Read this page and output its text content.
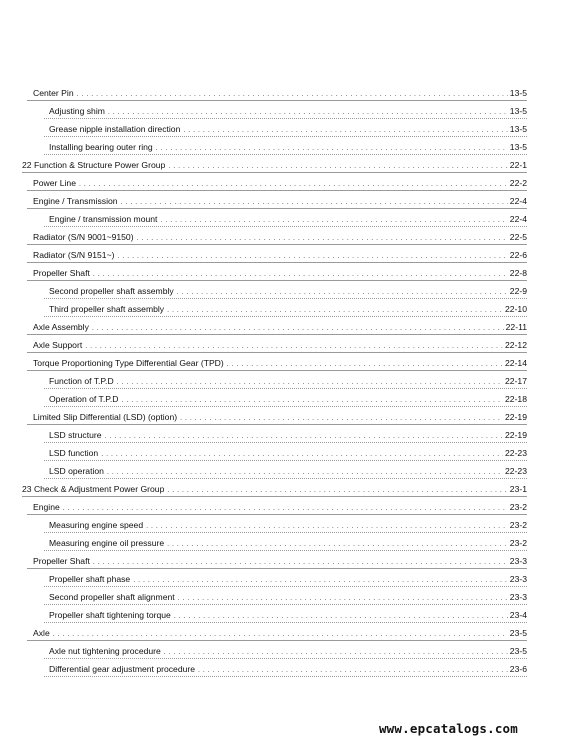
Center Pin . . .	13-5
Adjusting shim . . .	13-5
Grease nipple installation direction . . .	13-5
Installing bearing outer ring . . .	13-5
22 Function & Structure Power Group . . .	22-1
Power Line . . .	22-2
Engine / Transmission . . .	22-4
Engine / transmission mount . . .	22-4
Radiator (S/N 9001~9150) . . .	22-5
Radiator (S/N 9151~) . . .	22-6
Propeller Shaft . . .	22-8
Second propeller shaft assembly . . .	22-9
Third propeller shaft assembly . . .	22-10
Axle Assembly . . .	22-11
Axle Support . . .	22-12
Torque Proportioning Type Differential Gear (TPD) . . .	22-14
Function of T.P.D . . .	22-17
Operation of T.P.D . . .	22-18
Limited Slip Differential (LSD) (option) . . .	22-19
LSD structure . . .	22-19
LSD function . . .	22-23
LSD operation . . .	22-23
23 Check & Adjustment Power Group . . .	23-1
Engine . . .	23-2
Measuring engine speed . . .	23-2
Measuring engine oil pressure . . .	23-2
Propeller Shaft . . .	23-3
Propeller shaft phase . . .	23-3
Second propeller shaft alignment . . .	23-3
Propeller shaft tightening torque . . .	23-4
Axle . . .	23-5
Axle nut tightening procedure . . .	23-5
Differential gear adjustment procedure . . .	23-6
www.epcatalogs.com
